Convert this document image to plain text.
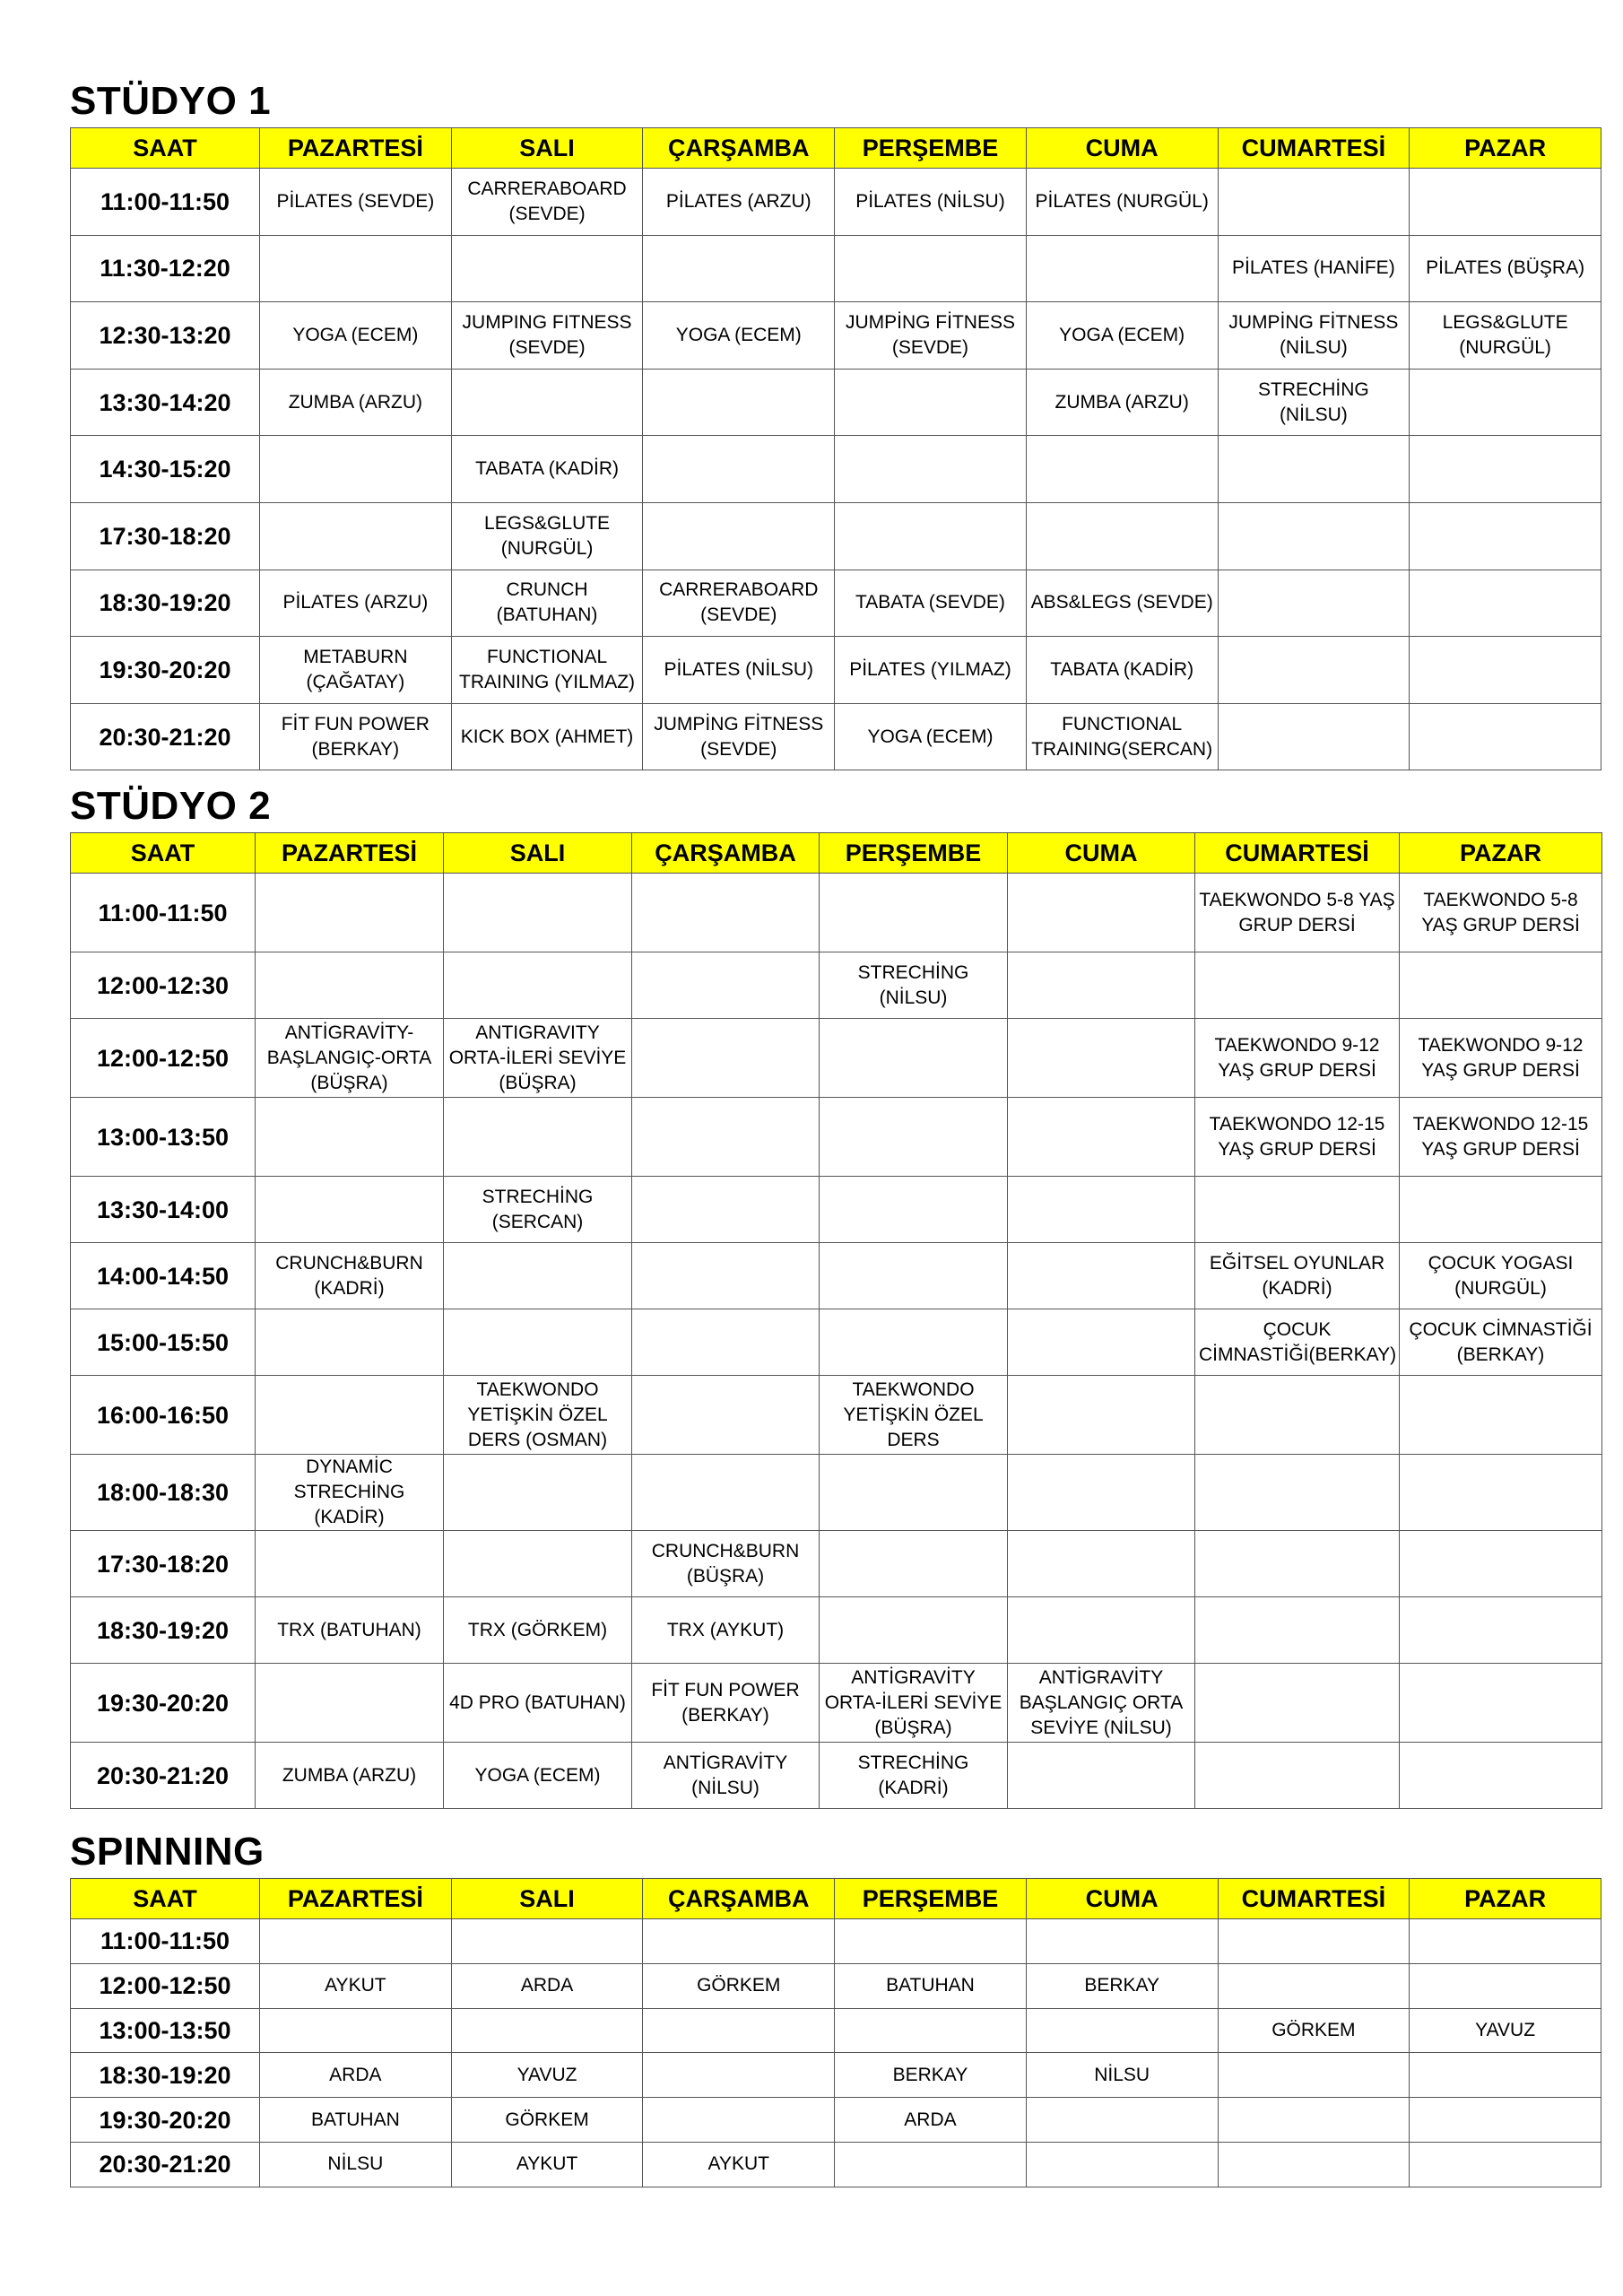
STÜDYO 1
SAAT	PAZARTESİ	SALI	ÇARŞAMBA	PERŞEMBE	CUMA	CUMARTESİ	PAZAR
11:00-11:50	PİLATES (SEVDE)	CARRERABOARD (SEVDE)	PİLATES (ARZU)	PİLATES (NİLSU)	PİLATES (NURGÜL)		
11:30-12:20						PİLATES (HANİFE)	PİLATES (BÜŞRA)
12:30-13:20	YOGA (ECEM)	JUMPING FITNESS (SEVDE)	YOGA (ECEM)	JUMPİNG FİTNESS (SEVDE)	YOGA (ECEM)	JUMPİNG FİTNESS (NİLSU)	LEGS&GLUTE (NURGÜL)
13:30-14:20	ZUMBA (ARZU)				ZUMBA (ARZU)	STRECHİNG (NİLSU)	
14:30-15:20		TABATA (KADİR)					
17:30-18:20		LEGS&GLUTE (NURGÜL)					
18:30-19:20	PİLATES (ARZU)	CRUNCH (BATUHAN)	CARRERABOARD (SEVDE)	TABATA (SEVDE)	ABS&LEGS (SEVDE)		
19:30-20:20	METABURN (ÇAĞATAY)	FUNCTIONAL TRAINING (YILMAZ)	PİLATES (NİLSU)	PİLATES (YILMAZ)	TABATA (KADİR)		
20:30-21:20	FİT FUN POWER (BERKAY)	KICK BOX (AHMET)	JUMPİNG FİTNESS (SEVDE)	YOGA (ECEM)	FUNCTIONAL TRAINING(SERCAN)		
STÜDYO 2
SAAT	PAZARTESİ	SALI	ÇARŞAMBA	PERŞEMBE	CUMA	CUMARTESİ	PAZAR
11:00-11:50						TAEKWONDO 5-8 YAŞ GRUP DERSİ	TAEKWONDO 5-8 YAŞ GRUP DERSİ
12:00-12:30				STRECHİNG (NİLSU)			
12:00-12:50	ANTİGRAVİTY-BAŞLANGIÇ-ORTA (BÜŞRA)	ANTIGRAVITY ORTA-İLERİ SEVİYE (BÜŞRA)				TAEKWONDO 9-12 YAŞ GRUP DERSİ	TAEKWONDO 9-12 YAŞ GRUP DERSİ
13:00-13:50						TAEKWONDO 12-15 YAŞ GRUP DERSİ	TAEKWONDO 12-15 YAŞ GRUP DERSİ
13:30-14:00		STRECHİNG (SERCAN)					
14:00-14:50	CRUNCH&BURN (KADRİ)					EĞİTSEL OYUNLAR (KADRİ)	ÇOCUK YOGASI (NURGÜL)
15:00-15:50						ÇOCUK CİMNASTİĞİ(BERKAY)	ÇOCUK CİMNASTİĞİ (BERKAY)
16:00-16:50		TAEKWONDO YETİŞKİN ÖZEL DERS (OSMAN)		TAEKWONDO YETİŞKİN ÖZEL DERS			
18:00-18:30	DYNAMİC STRECHİNG (KADİR)						
17:30-18:20			CRUNCH&BURN (BÜŞRA)				
18:30-19:20	TRX (BATUHAN)	TRX (GÖRKEM)	TRX (AYKUT)				
19:30-20:20		4D PRO (BATUHAN)	FİT FUN POWER (BERKAY)	ANTİGRAVİTY ORTA-İLERİ SEVİYE (BÜŞRA)	ANTİGRAVİTY BAŞLANGIÇ ORTA SEVİYE (NİLSU)		
20:30-21:20	ZUMBA (ARZU)	YOGA (ECEM)	ANTİGRAVİTY (NİLSU)	STRECHİNG (KADRİ)			
SPINNING
SAAT	PAZARTESİ	SALI	ÇARŞAMBA	PERŞEMBE	CUMA	CUMARTESİ	PAZAR
11:00-11:50							
12:00-12:50	AYKUT	ARDA	GÖRKEM	BATUHAN	BERKAY		
13:00-13:50						GÖRKEM	YAVUZ
18:30-19:20	ARDA	YAVUZ		BERKAY	NİLSU		
19:30-20:20	BATUHAN	GÖRKEM		ARDA			
20:30-21:20	NİLSU	AYKUT	AYKUT				
